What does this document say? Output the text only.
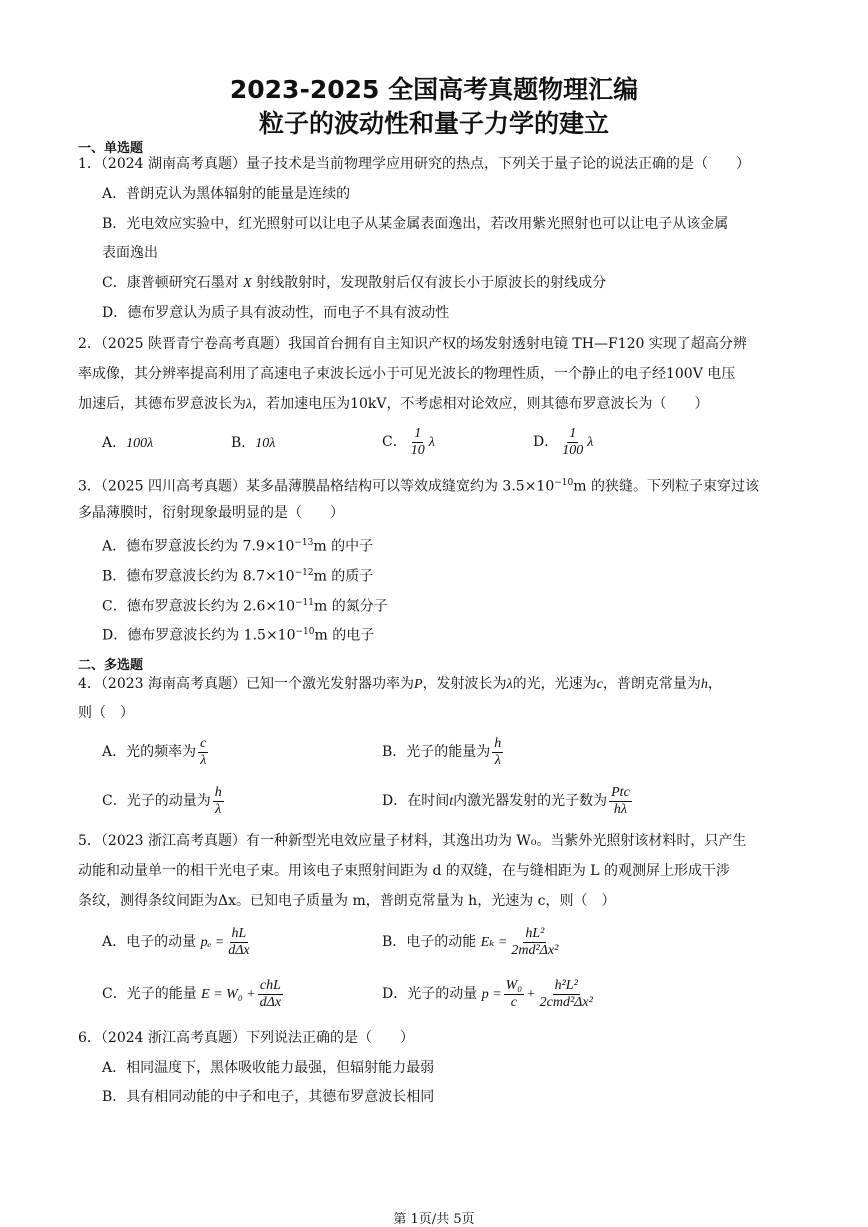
2023-2025 全国高考真题物理汇编
粒子的波动性和量子力学的建立
一、单选题
1．（2024 湖南高考真题）量子技术是当前物理学应用研究的热点，下列关于量子论的说法正确的是（　　）
A．普朗克认为黑体辐射的能量是连续的
B．光电效应实验中，红光照射可以让电子从某金属表面逸出，若改用紫光照射也可以让电子从该金属
表面逸出
C．康普顿研究石墨对 X 射线散射时，发现散射后仅有波长小于原波长的射线成分
D．德布罗意认为质子具有波动性，而电子不具有波动性
2．（2025 陕晋青宁卷高考真题）我国首台拥有自主知识产权的场发射透射电镜 TH—F120 实现了超高分辨
率成像，其分辨率提高利用了高速电子束波长远小于可见光波长的物理性质，一个静止的电子经100V 电压
加速后，其德布罗意波长为λ，若加速电压为10kV，不考虑相对论效应，则其德布罗意波长为（　　）
A．100λ	B．10λ	C． $\frac{1}{10}$ λ	D． $\frac{1}{100}$ λ
3．（2025 四川高考真题）某多晶薄膜晶格结构可以等效成缝宽约为 $3.5\times 10^{-10}m$ 的狭缝。下列粒子束穿过该
多晶薄膜时，衍射现象最明显的是（　　）
A．德布罗意波长约为 $7.9\times 10^{-13}m$ 的中子
B．德布罗意波长约为 $8.7\times 10^{-12}m$ 的质子
C．德布罗意波长约为 $2.6\times 10^{-11}m$ 的氮分子
D．德布罗意波长约为 $1.5\times 10^{-10}m$ 的电子
二、多选题
4．（2023 海南高考真题）已知一个激光发射器功率为P，发射波长为λ的光，光速为c，普朗克常量为h，
则（　）
A．光的频率为 $\frac{c}{\lambda}$	B．光子的能量为 $\frac{h}{\lambda}$
C．光子的动量为 $\frac{h}{\lambda}$	D．在时间t内激光器发射的光子数为 $\frac{\text{Ptc}}{h\lambda}$
5．（2023 浙江高考真题）有一种新型光电效应量子材料，其逸出功为 W₀。当紫外光照射该材料时，只产生
动能和动量单一的相干光电子束。用该电子束照射间距为 d 的双缝，在与缝相距为 L 的观测屏上形成干涉
条纹，测得条纹间距为Δx。已知电子质量为 m，普朗克常量为 h，光速为 c，则（　）
A．电子的动量 $p_e = \frac{hL}{\text{dΔx}}$	B．电子的动能 $E_k = \frac{\text{hL²}}{\text{2md²Δx²}}$
C．光子的能量 $E = W_0 + \frac{\text{chL}}{\text{dΔx}}$	D．光子的动量 $p = \frac{\text{W₀}}{c} + \frac{\text{h²L²}}{\text{2cmd²Δx²}}$
6．（2024 浙江高考真题）下列说法正确的是（　　）
A．相同温度下，黑体吸收能力最强，但辐射能力最弱
B．具有相同动能的中子和电子，其德布罗意波长相同
第 1页/共 5页
